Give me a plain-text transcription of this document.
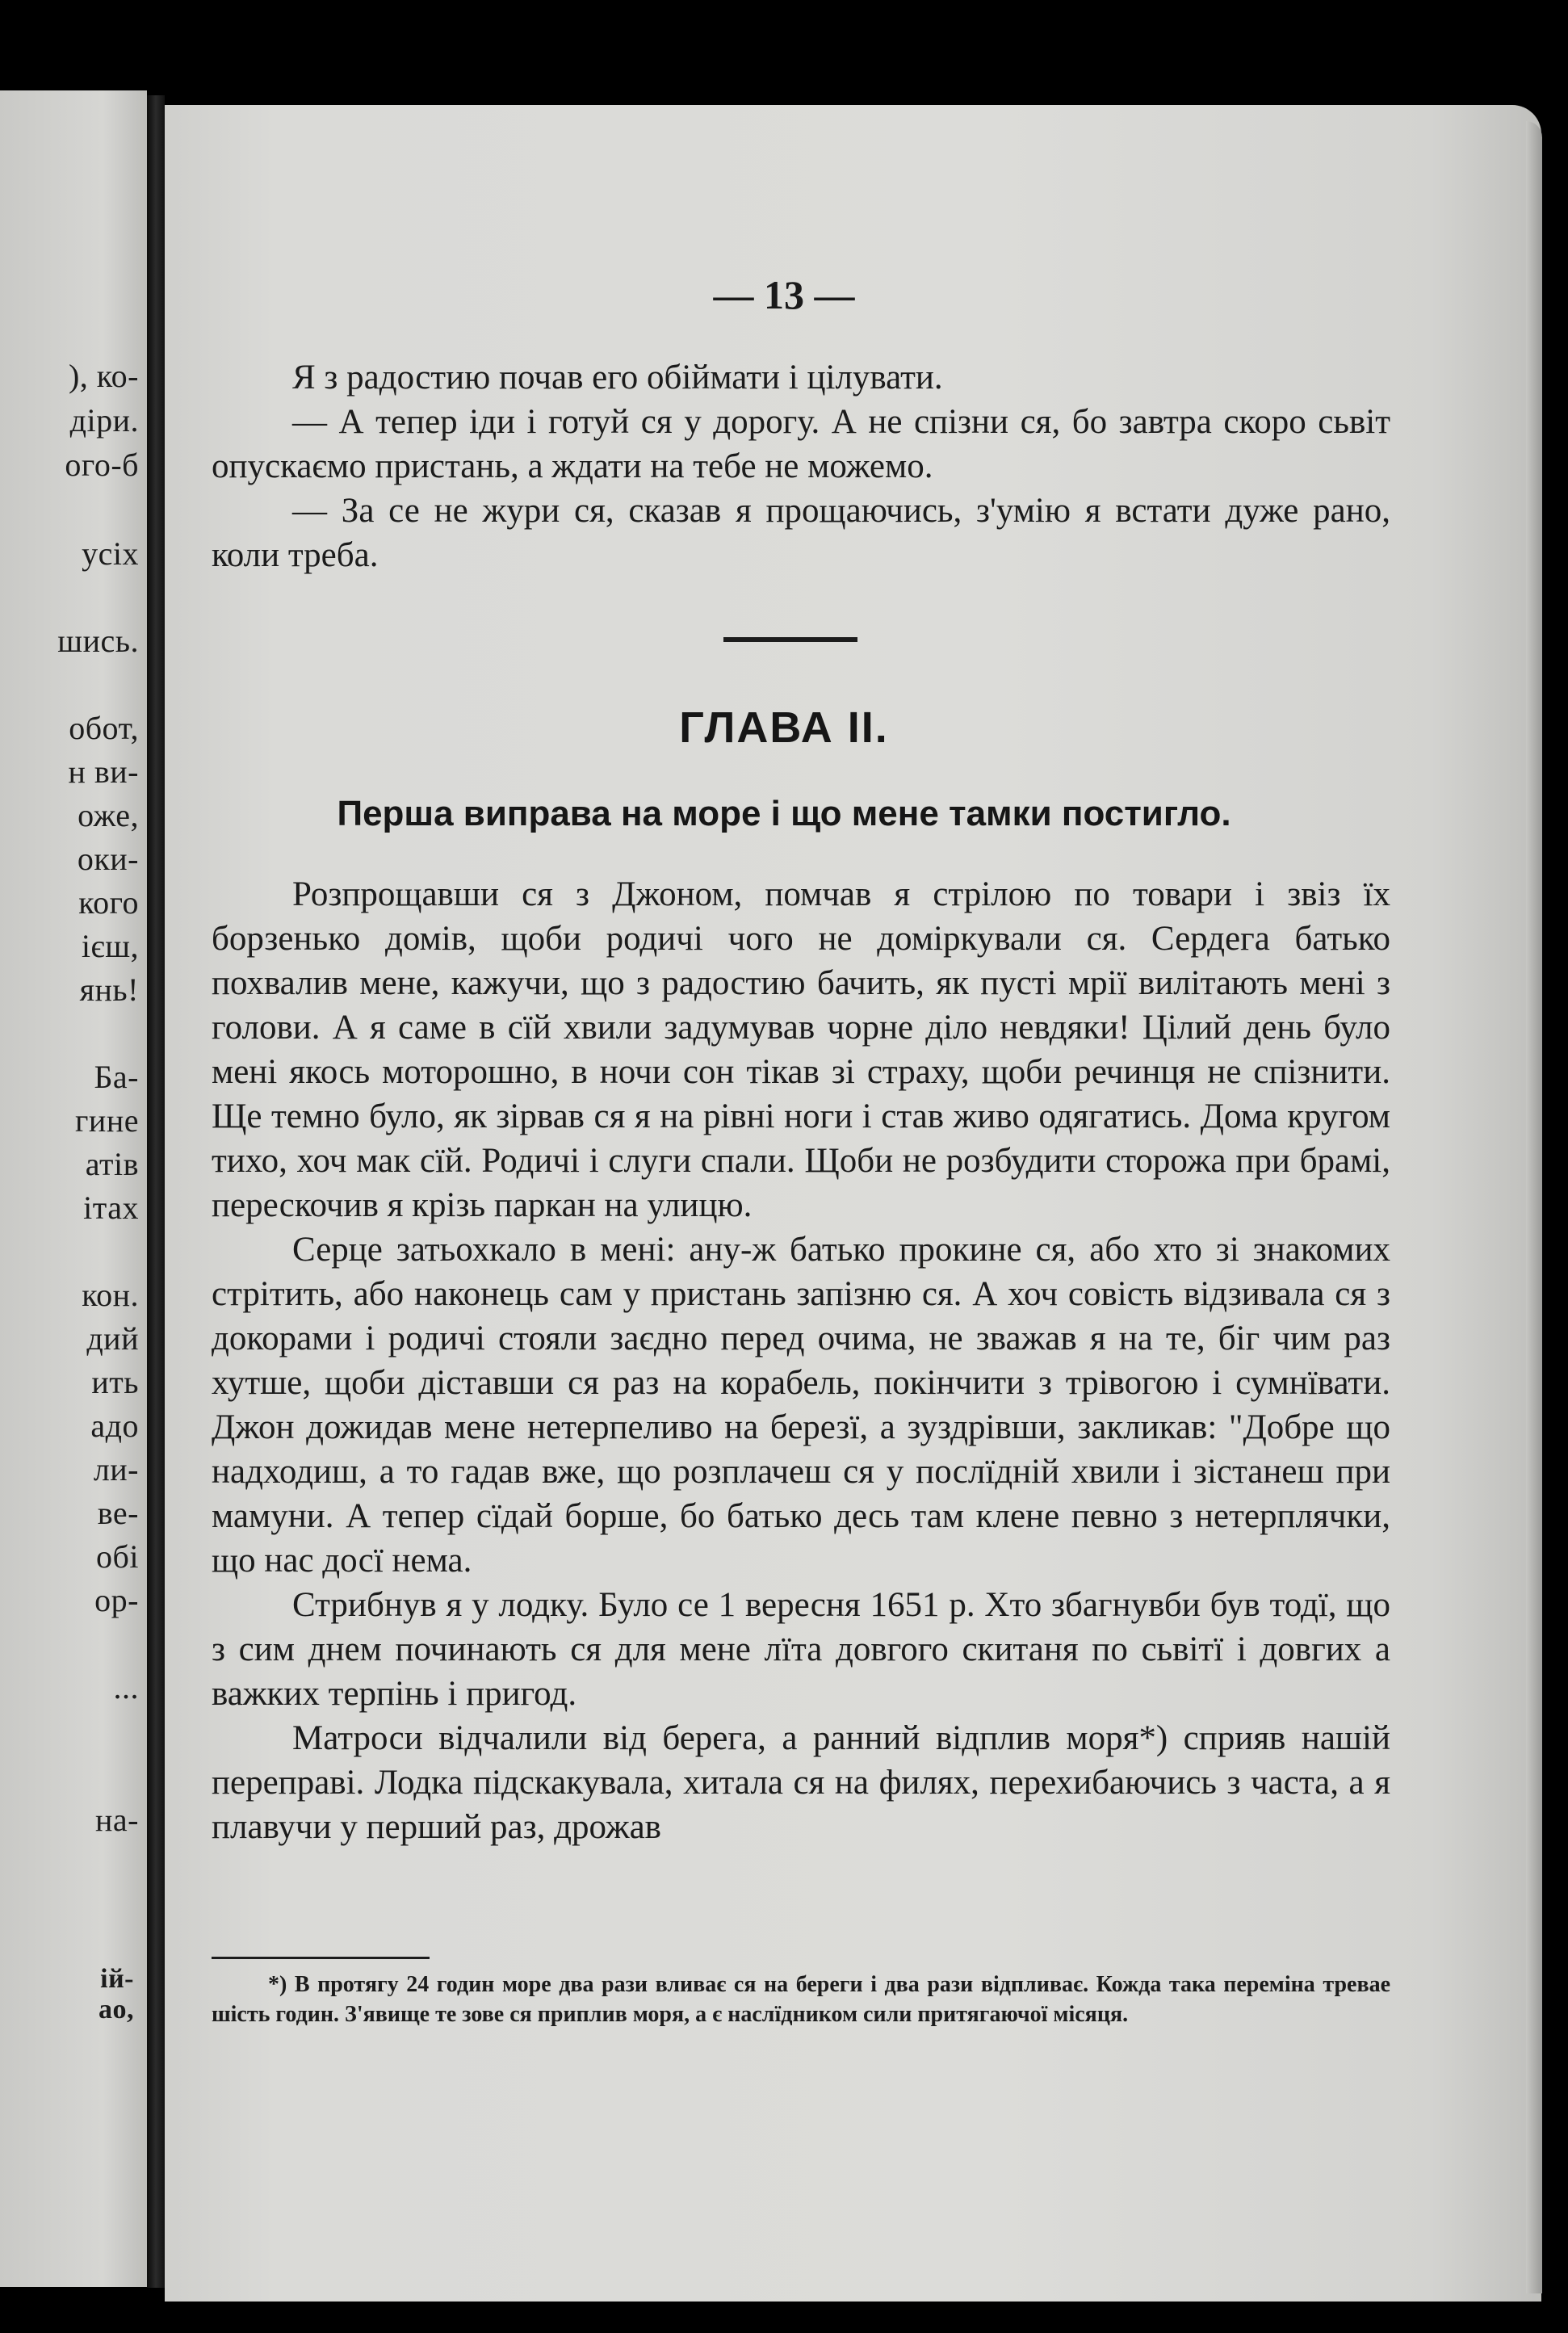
), ко-
діри.
ого-б
усіх
шись.
обот,
н ви-
оже,
оки-
кого
ієш,
янь!
Ба-
гине
атів
ітах
кон.
дий
ить
адо
ли-
ве-
обі
ор-
...
на-
ій-
ао,
— 13 —

Я з радостию почав его обіймати і цілувати.

— А тепер іди і готуй ся у дорогу. А не спізни ся, бо завтра скоро сьвіт опускаємо пристань, а ждати на тебе не можемо.

— За се не жури ся, сказав я прощаючись, з'умію я встати дуже рано, коли треба.

ГЛАВА II.
Перша виправа на море і що мене тамки постигло.

Розпрощавши ся з Джоном, помчав я стрілою по товари і звіз їх борзенько домів, щоби родичі чого не доміркували ся. Сердега батько похвалив мене, кажучи, що з радостию бачить, як пусті мрії вилітають мені з голови. А я саме в сїй хвили задумував чорне діло невдяки! Цілий день було мені якось моторошно, в ночи сон тікав зі страху, щоби речинця не спізнити. Ще темно було, як зірвав ся я на рівні ноги і став живо одягатись. Дома кругом тихо, хоч мак сїй. Родичі і слуги спали. Щоби не розбудити сторожа при брамі, перескочив я крізь паркан на улицю.

Серце затьохкало в мені: ану-ж батько прокине ся, або хто зі знакомих стрітить, або наконець сам у пристань запізню ся. А хоч совість відзивала ся з докорами і родичі стояли заєдно перед очима, не зважав я на те, біг чим раз хутше, щоби діставши ся раз на корабель, покінчити з трівогою і сумнївати. Джон дожидав мене нетерпеливо на березї, а зуздрівши, закликав: "Добре що надходиш, а то гадав вже, що розплачеш ся у послїдній хвили і зістанеш при мамуни. А тепер сїдай борше, бо батько десь там клене певно з нетерплячки, що нас досї нема.

Стрибнув я у лодку. Було се 1 вересня 1651 р. Хто збагнувби був тодї, що з сим днем починають ся для мене лїта довгого скитаня по сьвітї і довгих а важких терпінь і пригод.

Матроси відчалили від берега, а ранний відплив моря*) сприяв нашій переправі. Лодка підскакувала, хитала ся на филях, перехибаючись з часта, а я плавучи у перший раз, дрожав

*) В протягу 24 годин море два рази вливає ся на береги і два рази відпливає. Кожда така переміна тревае шість годин. З'явище те зове ся приплив моря, а є наслїдником сили притягаючої місяця.
